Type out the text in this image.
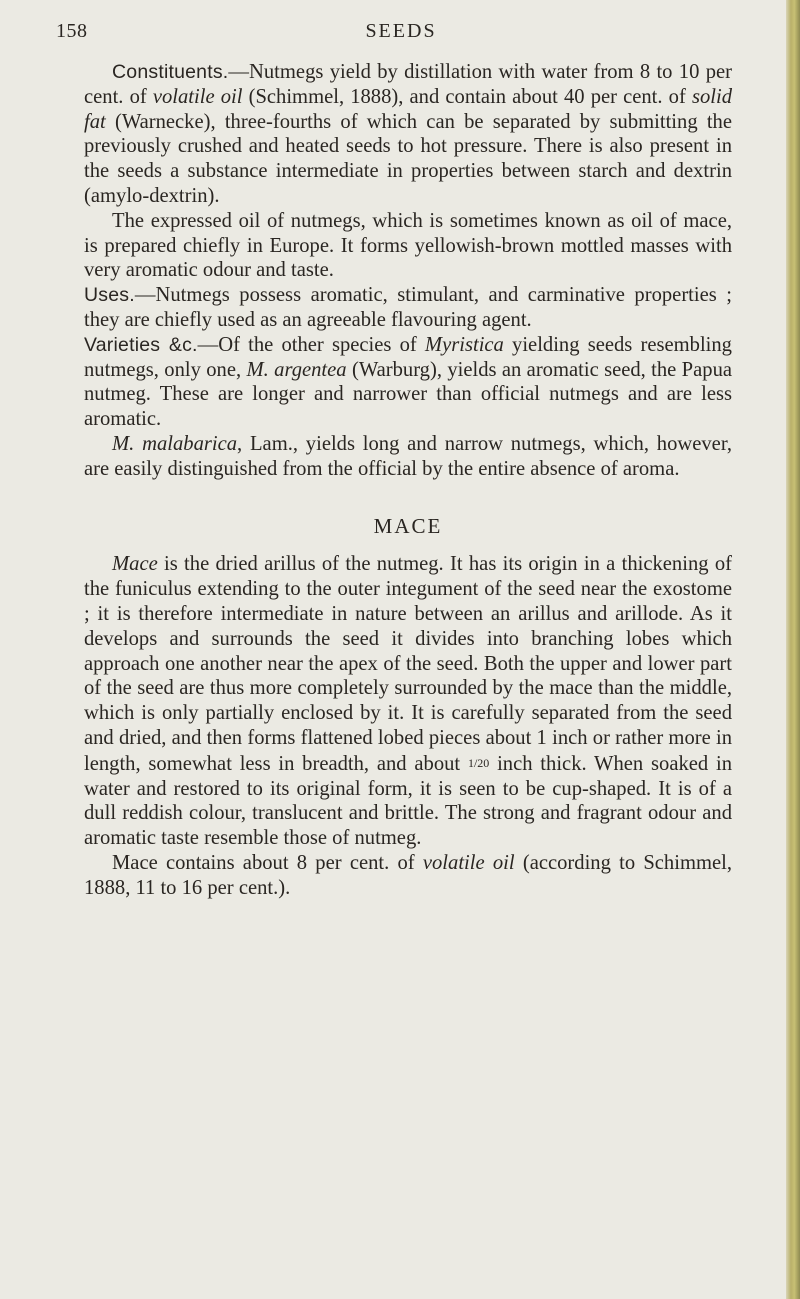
158	SEEDS

Constituents.—Nutmegs yield by distillation with water from 8 to 10 per cent. of volatile oil (Schimmel, 1888), and contain about 40 per cent. of solid fat (Warnecke), three-fourths of which can be separated by submitting the previously crushed and heated seeds to hot pressure. There is also present in the seeds a substance intermediate in properties between starch and dextrin (amylo-dextrin).

The expressed oil of nutmegs, which is sometimes known as oil of mace, is prepared chiefly in Europe. It forms yellowish-brown mottled masses with very aromatic odour and taste.

Uses.—Nutmegs possess aromatic, stimulant, and carminative properties ; they are chiefly used as an agreeable flavouring agent.

Varieties &c.—Of the other species of Myristica yielding seeds resembling nutmegs, only one, M. argentea (Warburg), yields an aromatic seed, the Papua nutmeg. These are longer and narrower than official nutmegs and are less aromatic.

M. malabarica, Lam., yields long and narrow nutmegs, which, however, are easily distinguished from the official by the entire absence of aroma.

MACE

Mace is the dried arillus of the nutmeg. It has its origin in a thickening of the funiculus extending to the outer integument of the seed near the exostome ; it is therefore intermediate in nature between an arillus and arillode. As it develops and surrounds the seed it divides into branching lobes which approach one another near the apex of the seed. Both the upper and lower part of the seed are thus more completely surrounded by the mace than the middle, which is only partially enclosed by it. It is carefully separated from the seed and dried, and then forms flattened lobed pieces about 1 inch or rather more in length, somewhat less in breadth, and about 1/20 inch thick. When soaked in water and restored to its original form, it is seen to be cup-shaped. It is of a dull reddish colour, translucent and brittle. The strong and fragrant odour and aromatic taste resemble those of nutmeg.

Mace contains about 8 per cent. of volatile oil (according to Schimmel, 1888, 11 to 16 per cent.).
